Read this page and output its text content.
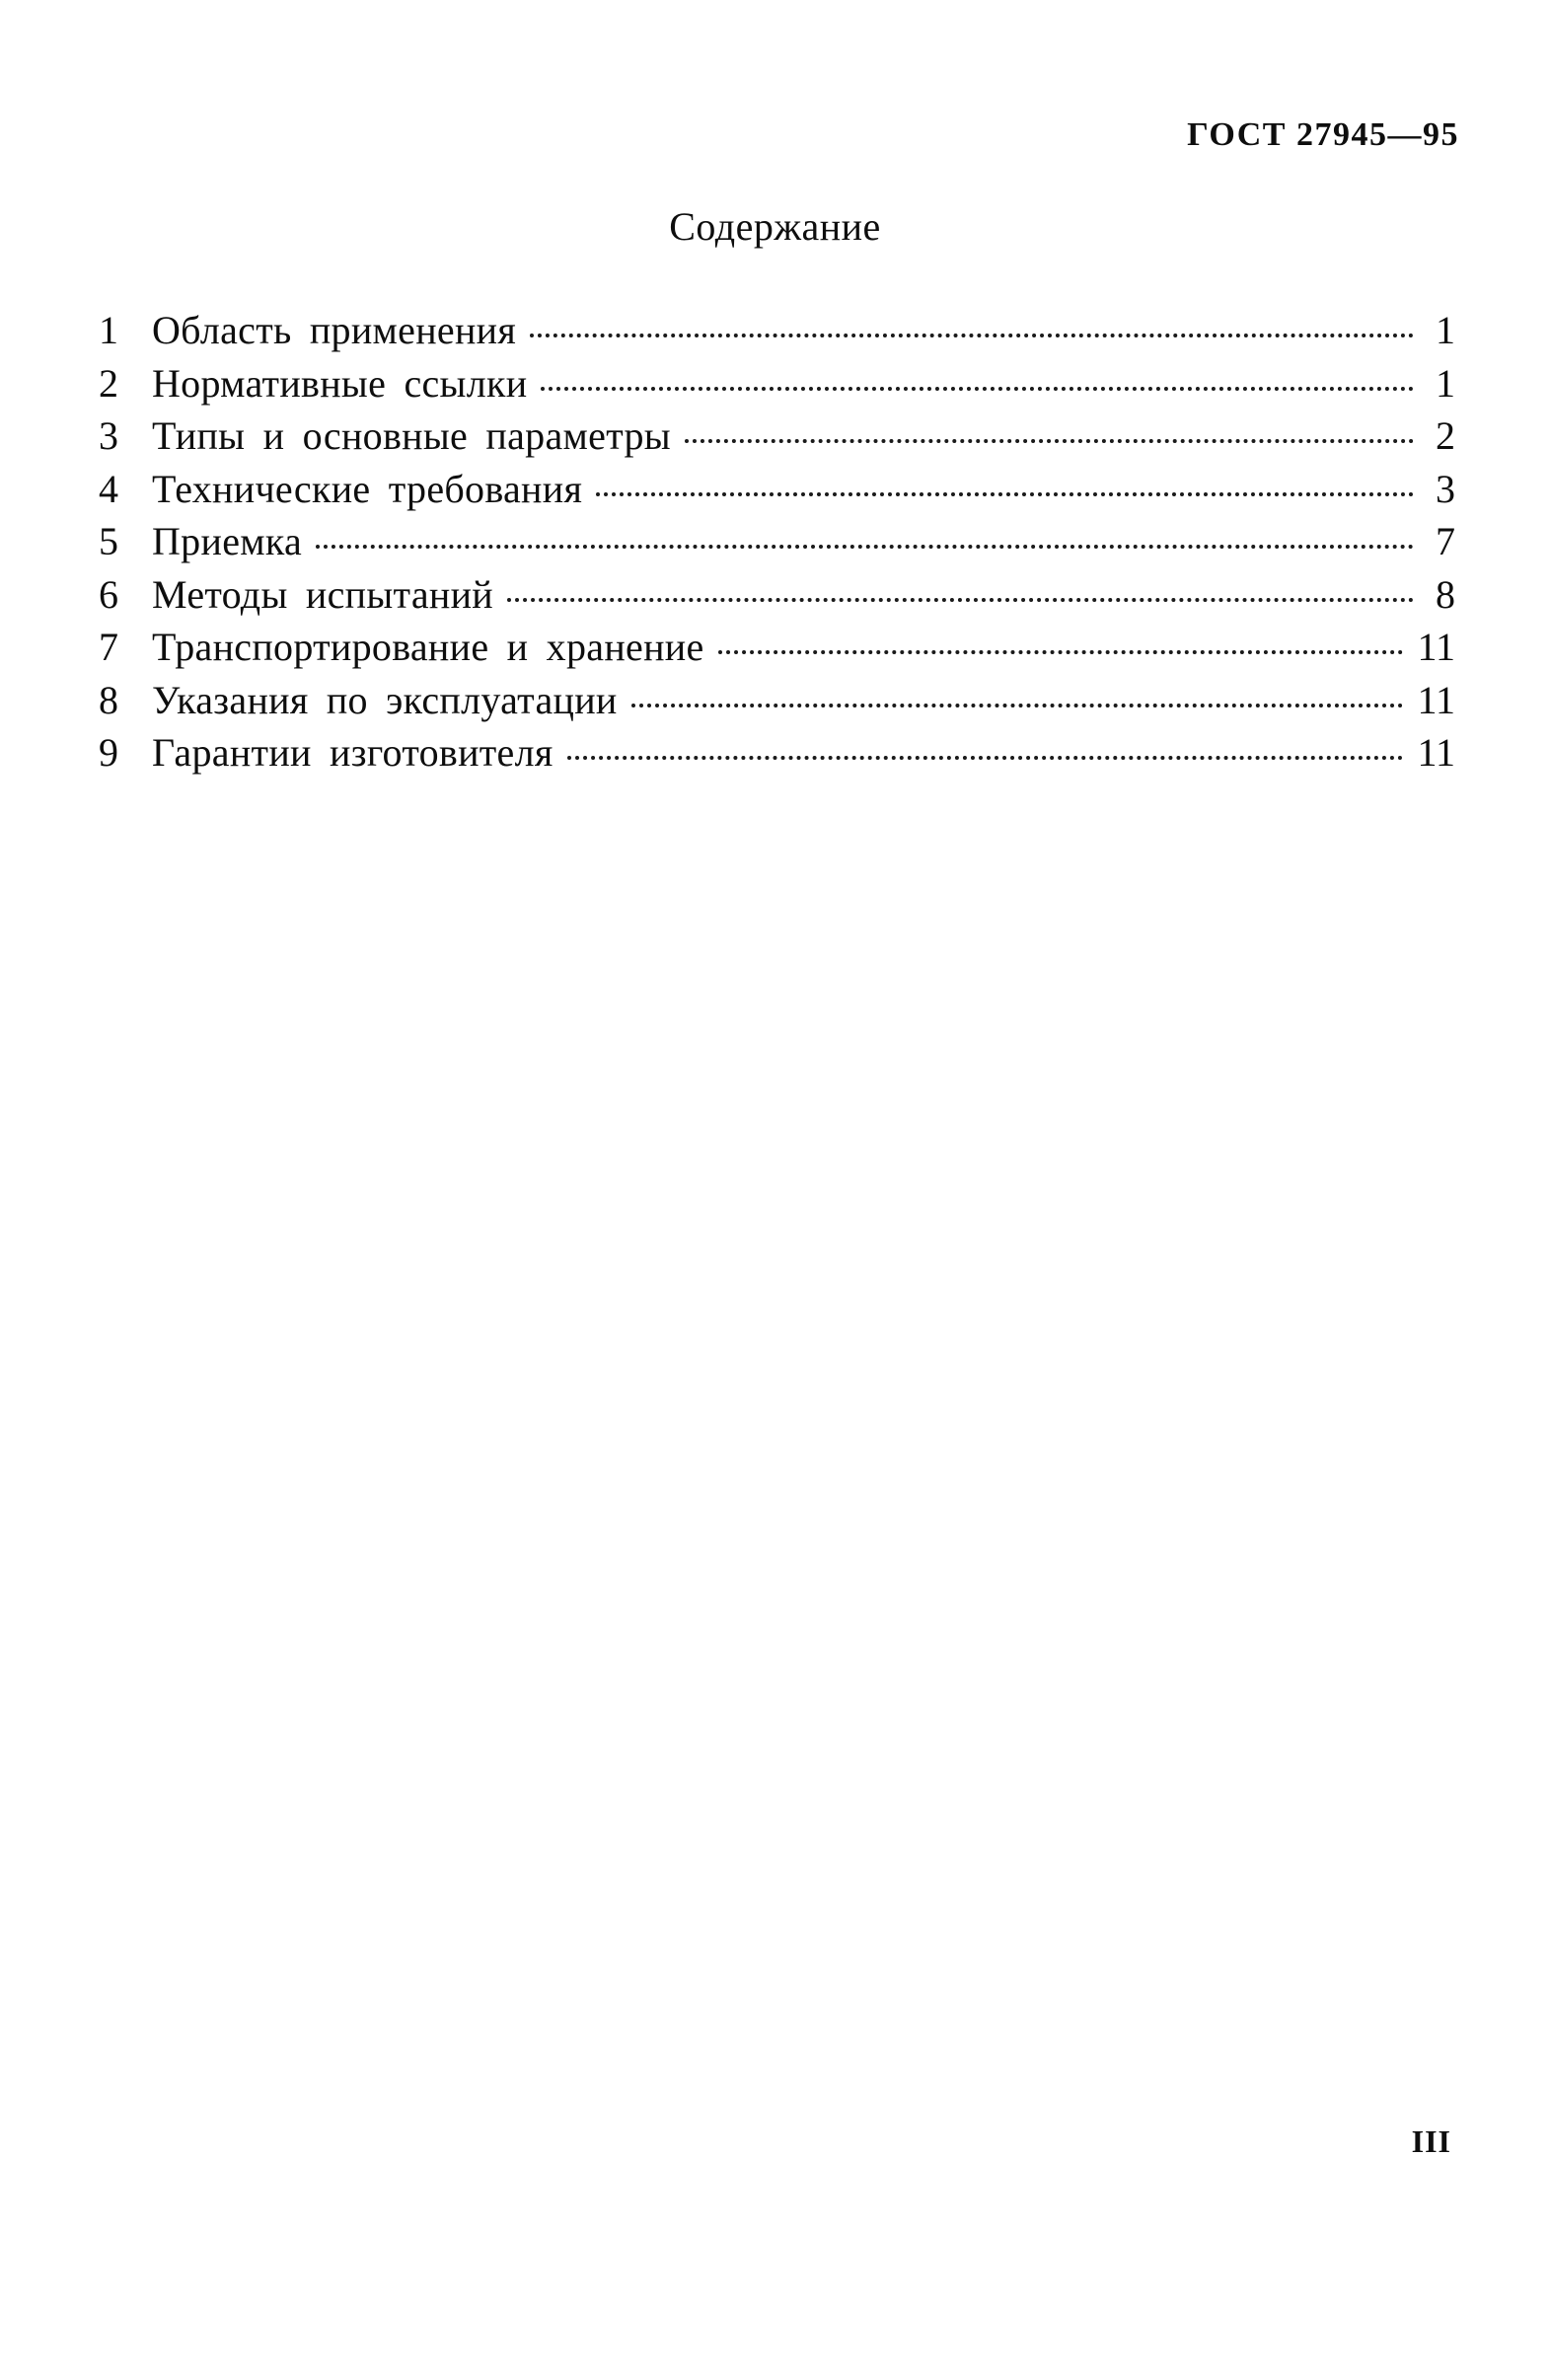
ГОСТ 27945—95
Содержание
1 Область применения	1
2 Нормативные ссылки	1
3 Типы и основные параметры	2
4 Технические требования	3
5 Приемка	7
6 Методы испытаний	8
7 Транспортирование и хранение	11
8 Указания по эксплуатации	11
9 Гарантии изготовителя	11
III
